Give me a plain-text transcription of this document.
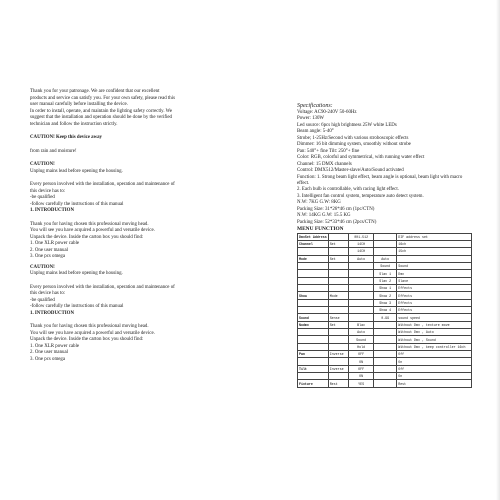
Thank you for your patronage. We are confident that our excellent
products and service can satisfy you. For your own safety, please read this
user manual carefully before installing the device.
In order to install, operate, and maintain the lighting safety correctly. We
suggest that the installation and operation should be done by the verified
technician and follow the instruction strictly.

CAUTION! Keep this device away

from rain and moisture!

CAUTION!

Unplug mains lead before opening the housing.

Every person involved with the installation, operation and maintenance of
this device has to:
-be qualified
-follow carefully the instructions of this manual

1. INTRODUCTION

Thank you for having chosen this professional moving head.
You will see you have acquired a powerful and versatile device.
Unpack the device. Inside the carton box you should find:
1. One XLR power cable
2. One user manual
3. One pcs omega

CAUTION!

Unplug mains lead before opening the housing.

Every person involved with the installation, operation and maintenance of
this device has to:
-be qualified
-follow carefully the instructions of this manual

1. INTRODUCTION

Thank you for having chosen this professional moving head.
You will see you have acquired a powerful and versatile device.
Unpack the device. Inside the carton box you should find:
1. One XLR power cable
2. One user manual
3. One pcs omega

Specifications:

Voltage: AC90-240V 50-60Hz
Power: 130W
Led source: 6pcs high brightness 25W white LEDs
Beam angle: 5-40°
Strobe; 1-25Hz/Second with various stroboscopic effects
Dimmer: 16 bit dimming system, smoothly without strobe
Pan: 540°+ fine Tilt: 250°+ fine
Color: RGB, colorful and symmetrical, with running water effect
Channel: 15 DMX channels
Control: DMX512/Master-slave/Auto/Sound activated
Function: 1. Strong beam light effect, beam angle is optional, beam light with macro
effect.
2. Each bulb is controllable, with racing light effect.
3. Intelligent fan control system, temperature auto detect system.
N.W: 7KG G.W: 8KG
Packing Size: 31*26*46 cm (1pc/CTN)
N.W: 14KG G.W: 15.5 KG
Packing Size: 52*33*46 cm (2pcs/CTN)

MENU FUNCTION

DmxSet Address		001-512		DIF address set
Channel	Set	14CH		16ch
		14CH		15ch
Mode	Set	Auto	Auto	
			Sound	Sound
			Slav 1	Dmx
			Slav 2	Slave
			Show 1	Effects
Show	Mode		Show 2	Effects
			Show 3	Effects
			Show 4	Effects
Sound	Sense		0-99	sound speed
Nodmx	Set	Blac		Without Dmx , texture move
		Auto		Without Dmx , Auto
		Sound		Without Dmx , Sound
		Hold		Without Dmx , keep controller 16ch
Pan	Inverse	OFF		Off
		ON		On
Tilt	Inverse	OFF		Off
		ON		On
Fixture	Rest	YES		Rest
